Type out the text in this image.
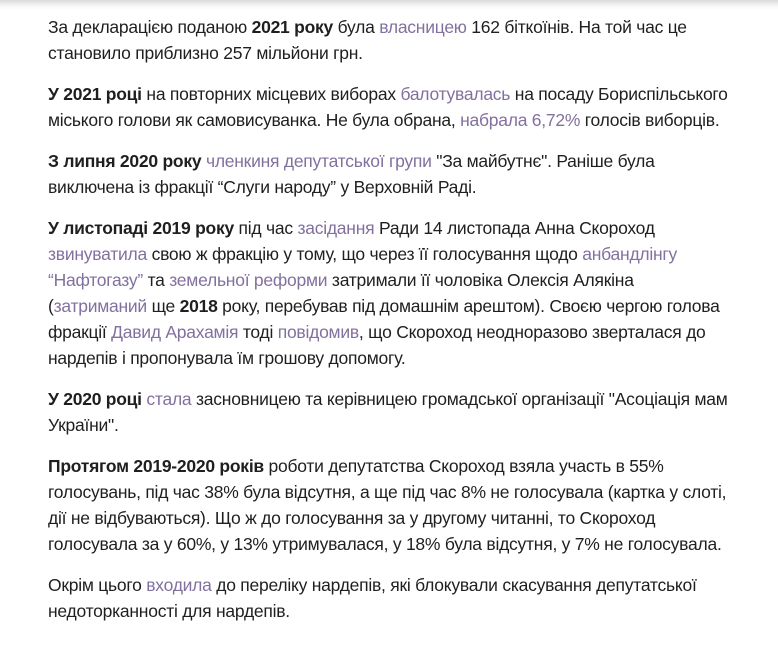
За декларацією поданою 2021 року була власницею 162 біткоїнів. На той час це становило приблизно 257 мільйони грн.

У 2021 році на повторних місцевих виборах балотувалась на посаду Бориспільського міського голови як самовисуванка. Не була обрана, набрала 6,72% голосів виборців.

З липня 2020 року членкиня депутатської групи "За майбутнє". Раніше була виключена із фракції “Слуги народу” у Верховній Раді.

У листопаді 2019 року під час засідання Ради 14 листопада Анна Скороход звинуватила свою ж фракцію у тому, що через її голосування щодо анбандлінгу “Нафтогазу” та земельної реформи затримали її чоловіка Олексія Алякіна (затриманий ще 2018 року, перебував під домашнім арештом). Своєю чергою голова фракції Давид Арахамія тоді повідомив, що Скороход неодноразово зверталася до нардепів і пропонувала їм грошову допомогу.

У 2020 році стала засновницею та керівницею громадської організації "Асоціація мам України".

Протягом 2019-2020 років роботи депутатства Скороход взяла участь в 55% голосувань, під час 38% була відсутня, а ще під час 8% не голосувала (картка у слоті, дії не відбуваються). Що ж до голосування за у другому читанні, то Скороход голосувала за у 60%, у 13% утримувалася, у 18% була відсутня, у 7% не голосувала.

Окрім цього входила до переліку нардепів, які блокували скасування депутатської недоторканності для нардепів.
